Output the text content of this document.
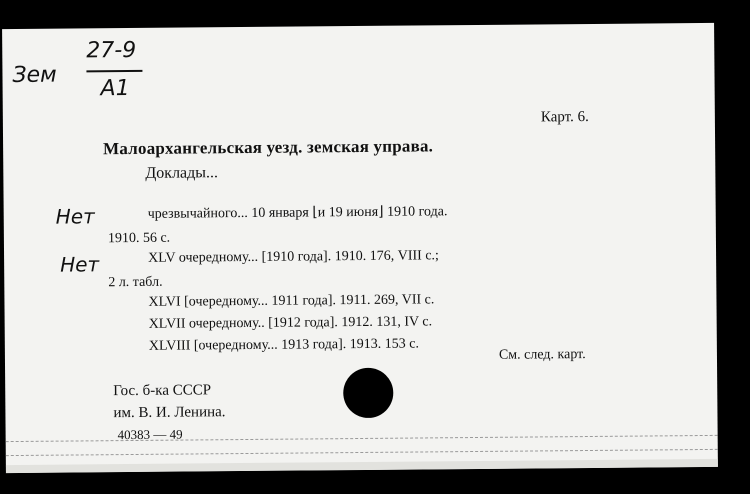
Зем
27-9
A1
Карт. 6.
Малоархангельская уезд. земская управа.
Доклады...
Нет
Нет
чрезвычайного... 10 января ⌊и 19 июня⌋ 1910 года.
1910. 56 с.
XLV очередному... [1910 года]. 1910. 176, VIII с.;
2 л. табл.
XLVI [очередному... 1911 года]. 1911. 269, VII с.
XLVII очередному.. [1912 года]. 1912. 131, IV с.
XLVIII [очередному... 1913 года]. 1913. 153 с.
См. след. карт.
Гос. б-ка СССР
им. В. И. Ленина.
40383 — 49
